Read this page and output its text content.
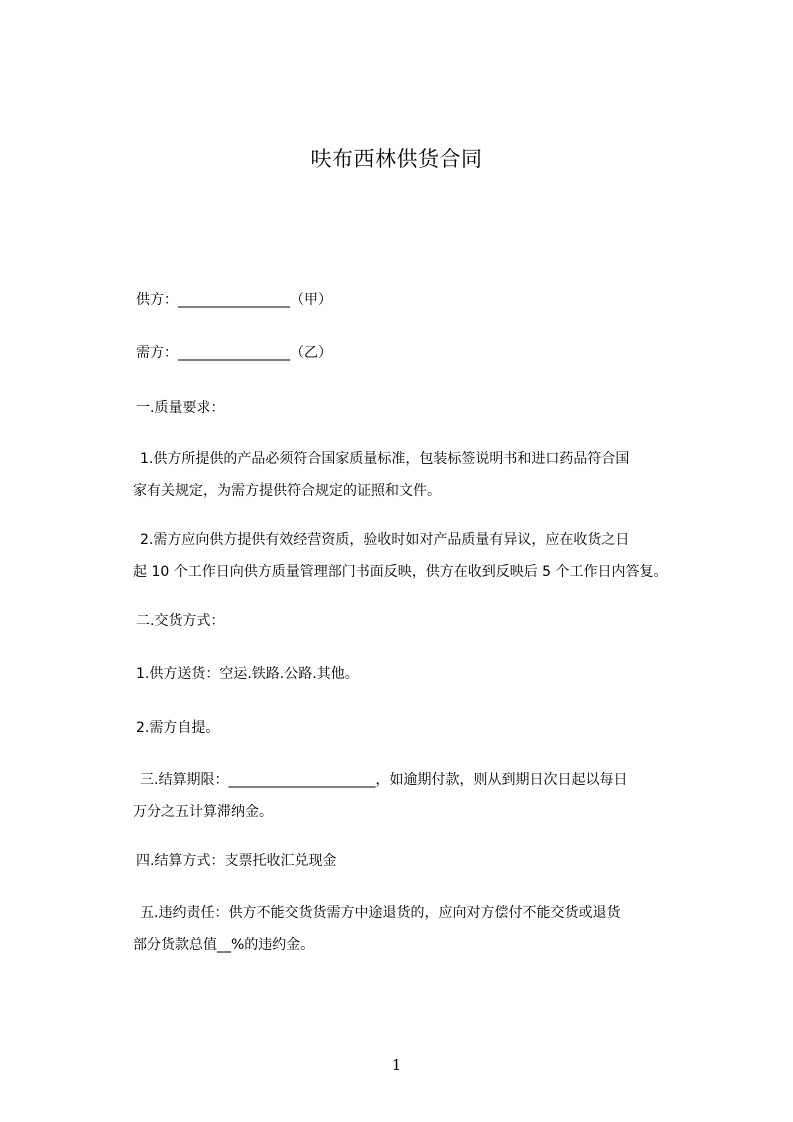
呋布西林供货合同
供方：________________（甲）
需方：________________（乙）
一.质量要求：
1.供方所提供的产品必须符合国家质量标准，包装标签说明书和进口药品符合国
家有关规定，为需方提供符合规定的证照和文件。
2.需方应向供方提供有效经营资质，验收时如对产品质量有异议，应在收货之日
起 10 个工作日向供方质量管理部门书面反映，供方在收到反映后 5 个工作日内答复。
二.交货方式：
1.供方送货：空运.铁路.公路.其他。
2.需方自提。
三.结算期限：_____________________，如逾期付款，则从到期日次日起以每日
万分之五计算滞纳金。
四.结算方式：支票托收汇兑现金
五.违约责任：供方不能交货货需方中途退货的，应向对方偿付不能交货或退货
部分货款总值__%的违约金。
1
